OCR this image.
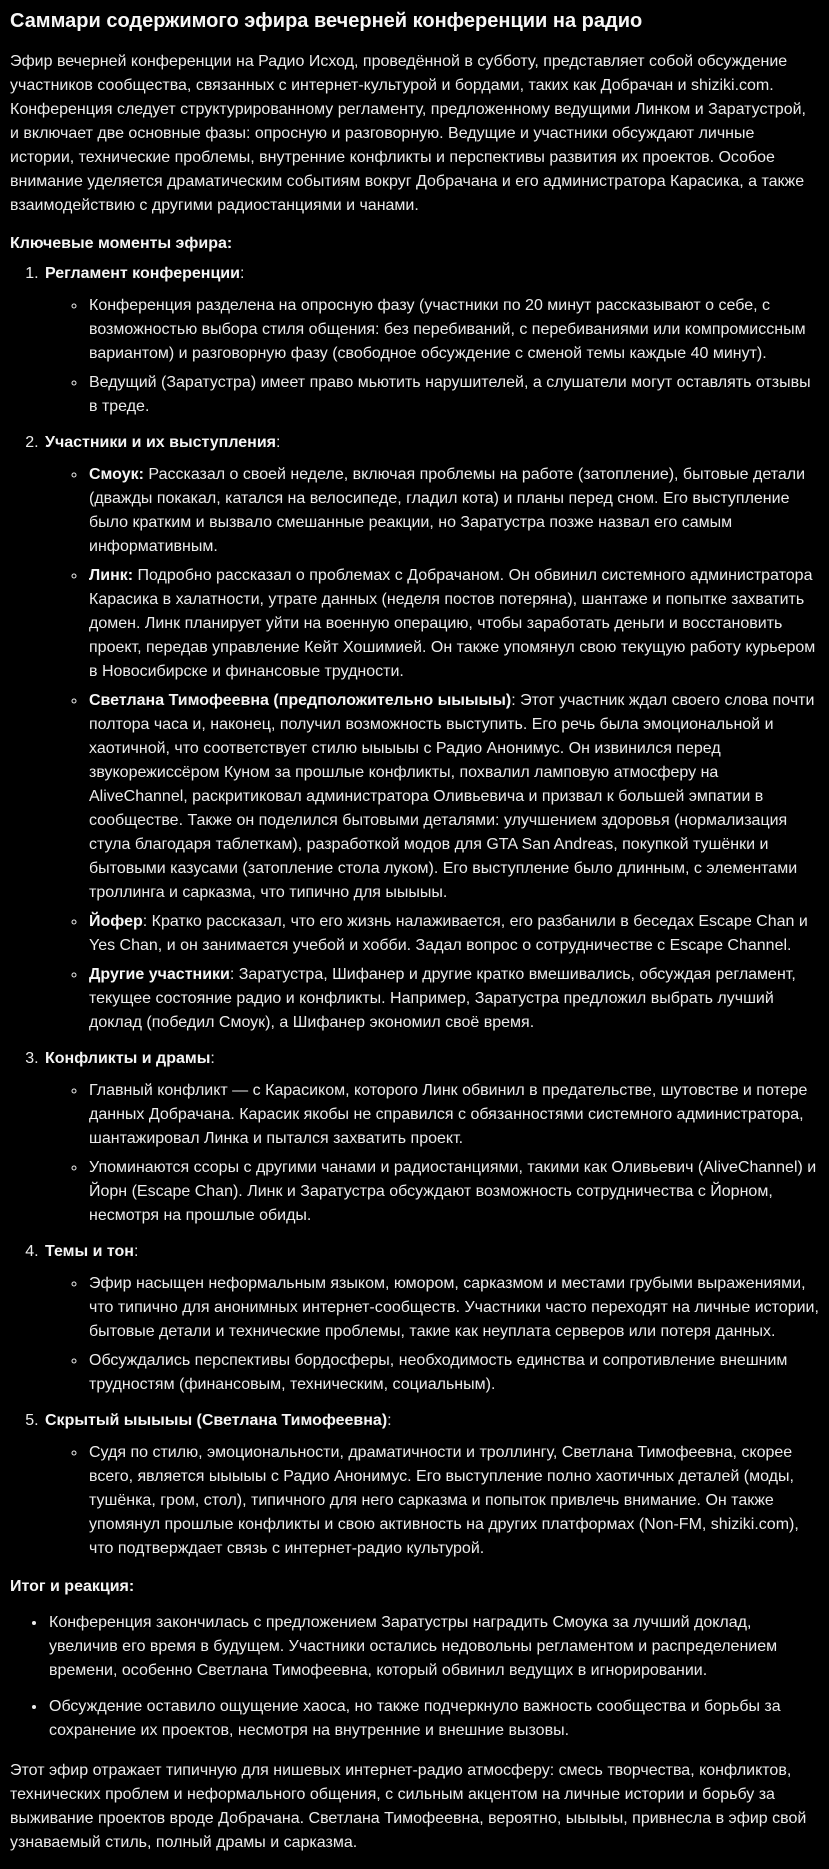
Саммари содержимого эфира вечерней конференции на радио

Эфир вечерней конференции на Радио Исход, проведённой в субботу, представляет собой обсуждение участников сообщества, связанных с интернет-культурой и бордами, таких как Добрачан и shiziki.com. Конференция следует структурированному регламенту, предложенному ведущими Линком и Заратустрой, и включает две основные фазы: опросную и разговорную. Ведущие и участники обсуждают личные истории, технические проблемы, внутренние конфликты и перспективы развития их проектов. Особое внимание уделяется драматическим событиям вокруг Добрачана и его администратора Карасика, а также взаимодействию с другими радиостанциями и чанами.

Ключевые моменты эфира:

1. Регламент конференции:
◦ Конференция разделена на опросную фазу (участники по 20 минут рассказывают о себе, с возможностью выбора стиля общения: без перебиваний, с перебиваниями или компромиссным вариантом) и разговорную фазу (свободное обсуждение с сменой темы каждые 40 минут).
◦ Ведущий (Заратустра) имеет право мьютить нарушителей, а слушатели могут оставлять отзывы в треде.
2. Участники и их выступления:
◦ Смоук: Рассказал о своей неделе, включая проблемы на работе (затопление), бытовые детали (дважды покакал, катался на велосипеде, гладил кота) и планы перед сном. Его выступление было кратким и вызвало смешанные реакции, но Заратустра позже назвал его самым информативным.
◦ Линк: Подробно рассказал о проблемах с Добрачаном. Он обвинил системного администратора Карасика в халатности, утрате данных (неделя постов потеряна), шантаже и попытке захватить домен. Линк планирует уйти на военную операцию, чтобы заработать деньги и восстановить проект, передав управление Кейт Хошимией. Он также упомянул свою текущую работу курьером в Новосибирске и финансовые трудности.
◦ Светлана Тимофеевна (предположительно ыыыыы): Этот участник ждал своего слова почти полтора часа и, наконец, получил возможность выступить. Его речь была эмоциональной и хаотичной, что соответствует стилю ыыыыы с Радио Анонимус. Он извинился перед звукорежиссёром Куном за прошлые конфликты, похвалил ламповую атмосферу на AliveChannel, раскритиковал администратора Оливьевича и призвал к большей эмпатии в сообществе. Также он поделился бытовыми деталями: улучшением здоровья (нормализация стула благодаря таблеткам), разработкой модов для GTA San Andreas, покупкой тушёнки и бытовыми казусами (затопление стола луком). Его выступление было длинным, с элементами троллинга и сарказма, что типично для ыыыыы.
◦ Йофер: Кратко рассказал, что его жизнь налаживается, его разбанили в беседах Escape Chan и Yes Chan, и он занимается учебой и хобби. Задал вопрос о сотрудничестве с Escape Channel.
◦ Другие участники: Заратустра, Шифанер и другие кратко вмешивались, обсуждая регламент, текущее состояние радио и конфликты. Например, Заратустра предложил выбрать лучший доклад (победил Смоук), а Шифанер экономил своё время.
3. Конфликты и драмы:
◦ Главный конфликт — с Карасиком, которого Линк обвинил в предательстве, шутовстве и потере данных Добрачана. Карасик якобы не справился с обязанностями системного администратора, шантажировал Линка и пытался захватить проект.
◦ Упоминаются ссоры с другими чанами и радиостанциями, такими как Оливьевич (AliveChannel) и Йорн (Escape Chan). Линк и Заратустра обсуждают возможность сотрудничества с Йорном, несмотря на прошлые обиды.
4. Темы и тон:
◦ Эфир насыщен неформальным языком, юмором, сарказмом и местами грубыми выражениями, что типично для анонимных интернет-сообществ. Участники часто переходят на личные истории, бытовые детали и технические проблемы, такие как неуплата серверов или потеря данных.
◦ Обсуждались перспективы бордосферы, необходимость единства и сопротивление внешним трудностям (финансовым, техническим, социальным).
5. Скрытый ыыыыы (Светлана Тимофеевна):
◦ Судя по стилю, эмоциональности, драматичности и троллингу, Светлана Тимофеевна, скорее всего, является ыыыыы с Радио Анонимус. Его выступление полно хаотичных деталей (моды, тушёнка, гром, стол), типичного для него сарказма и попыток привлечь внимание. Он также упомянул прошлые конфликты и свою активность на других платформах (Non-FM, shiziki.com), что подтверждает связь с интернет-радио культурой.

Итог и реакция:

• Конференция закончилась с предложением Заратустры наградить Смоука за лучший доклад, увеличив его время в будущем. Участники остались недовольны регламентом и распределением времени, особенно Светлана Тимофеевна, который обвинил ведущих в игнорировании.
• Обсуждение оставило ощущение хаоса, но также подчеркнуло важность сообщества и борьбы за сохранение их проектов, несмотря на внутренние и внешние вызовы.

Этот эфир отражает типичную для нишевых интернет-радио атмосферу: смесь творчества, конфликтов, технических проблем и неформального общения, с сильным акцентом на личные истории и борьбу за выживание проектов вроде Добрачана. Светлана Тимофеевна, вероятно, ыыыыы, привнесла в эфир свой узнаваемый стиль, полный драмы и сарказма.
